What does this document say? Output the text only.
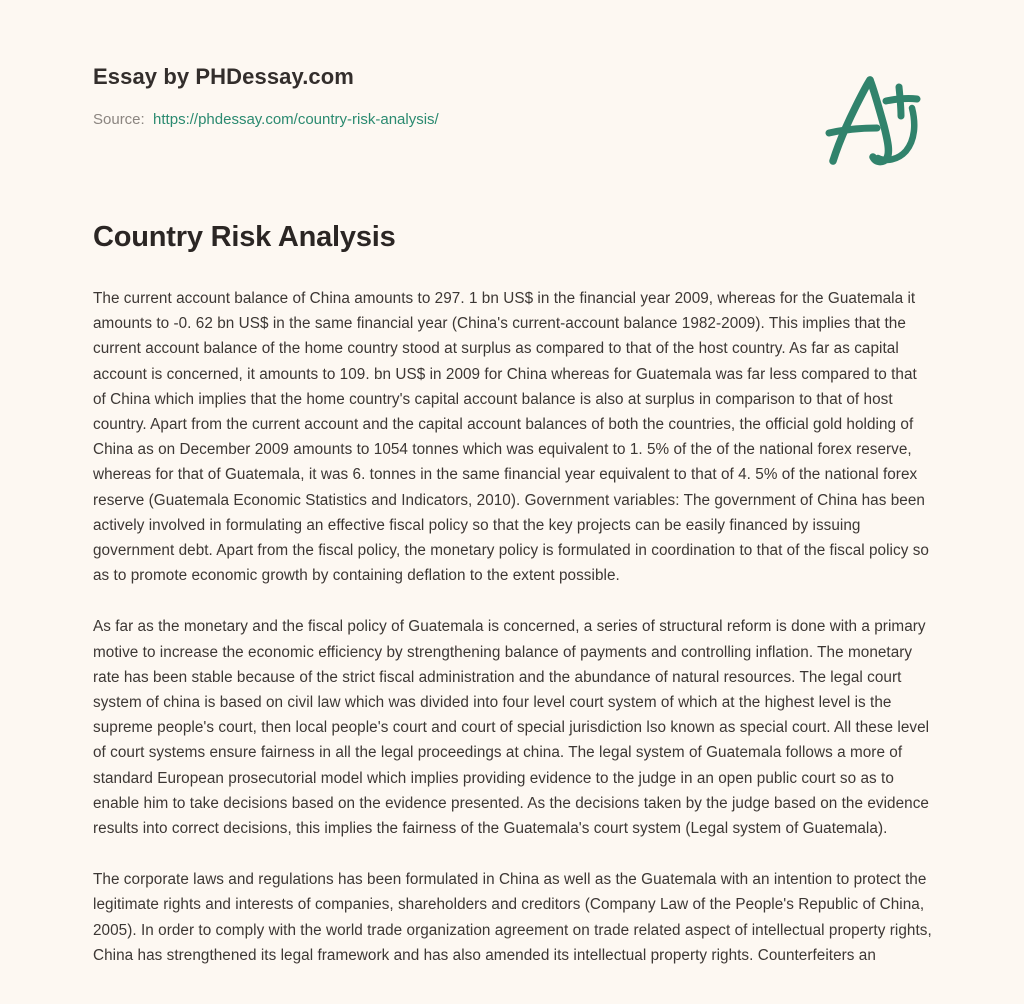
Essay by PHDessay.com
Source: https://phdessay.com/country-risk-analysis/
Country Risk Analysis

The current account balance of China amounts to 297. 1 bn US$ in the financial year 2009, whereas for the Guatemala it amounts to -0. 62 bn US$ in the same financial year (China's current-account balance 1982-2009). This implies that the current account balance of the home country stood at surplus as compared to that of the host country. As far as capital account is concerned, it amounts to 109. bn US$ in 2009 for China whereas for Guatemala was far less compared to that of China which implies that the home country's capital account balance is also at surplus in comparison to that of host country. Apart from the current account and the capital account balances of both the countries, the official gold holding of China as on December 2009 amounts to 1054 tonnes which was equivalent to 1. 5% of the of the national forex reserve, whereas for that of Guatemala, it was 6. tonnes in the same financial year equivalent to that of 4. 5% of the national forex reserve (Guatemala Economic Statistics and Indicators, 2010). Government variables: The government of China has been actively involved in formulating an effective fiscal policy so that the key projects can be easily financed by issuing government debt. Apart from the fiscal policy, the monetary policy is formulated in coordination to that of the fiscal policy so as to promote economic growth by containing deflation to the extent possible.

As far as the monetary and the fiscal policy of Guatemala is concerned, a series of structural reform is done with a primary motive to increase the economic efficiency by strengthening balance of payments and controlling inflation. The monetary rate has been stable because of the strict fiscal administration and the abundance of natural resources. The legal court system of china is based on civil law which was divided into four level court system of which at the highest level is the supreme people's court, then local people's court and court of special jurisdiction lso known as special court. All these level of court systems ensure fairness in all the legal proceedings at china. The legal system of Guatemala follows a more of standard European prosecutorial model which implies providing evidence to the judge in an open public court so as to enable him to take decisions based on the evidence presented. As the decisions taken by the judge based on the evidence results into correct decisions, this implies the fairness of the Guatemala's court system (Legal system of Guatemala).

The corporate laws and regulations has been formulated in China as well as the Guatemala with an intention to protect the legitimate rights and interests of companies, shareholders and creditors (Company Law of the People's Republic of China, 2005). In order to comply with the world trade organization agreement on trade related aspect of intellectual property rights, China has strengthened its legal framework and has also amended its intellectual property rights. Counterfeiters an
